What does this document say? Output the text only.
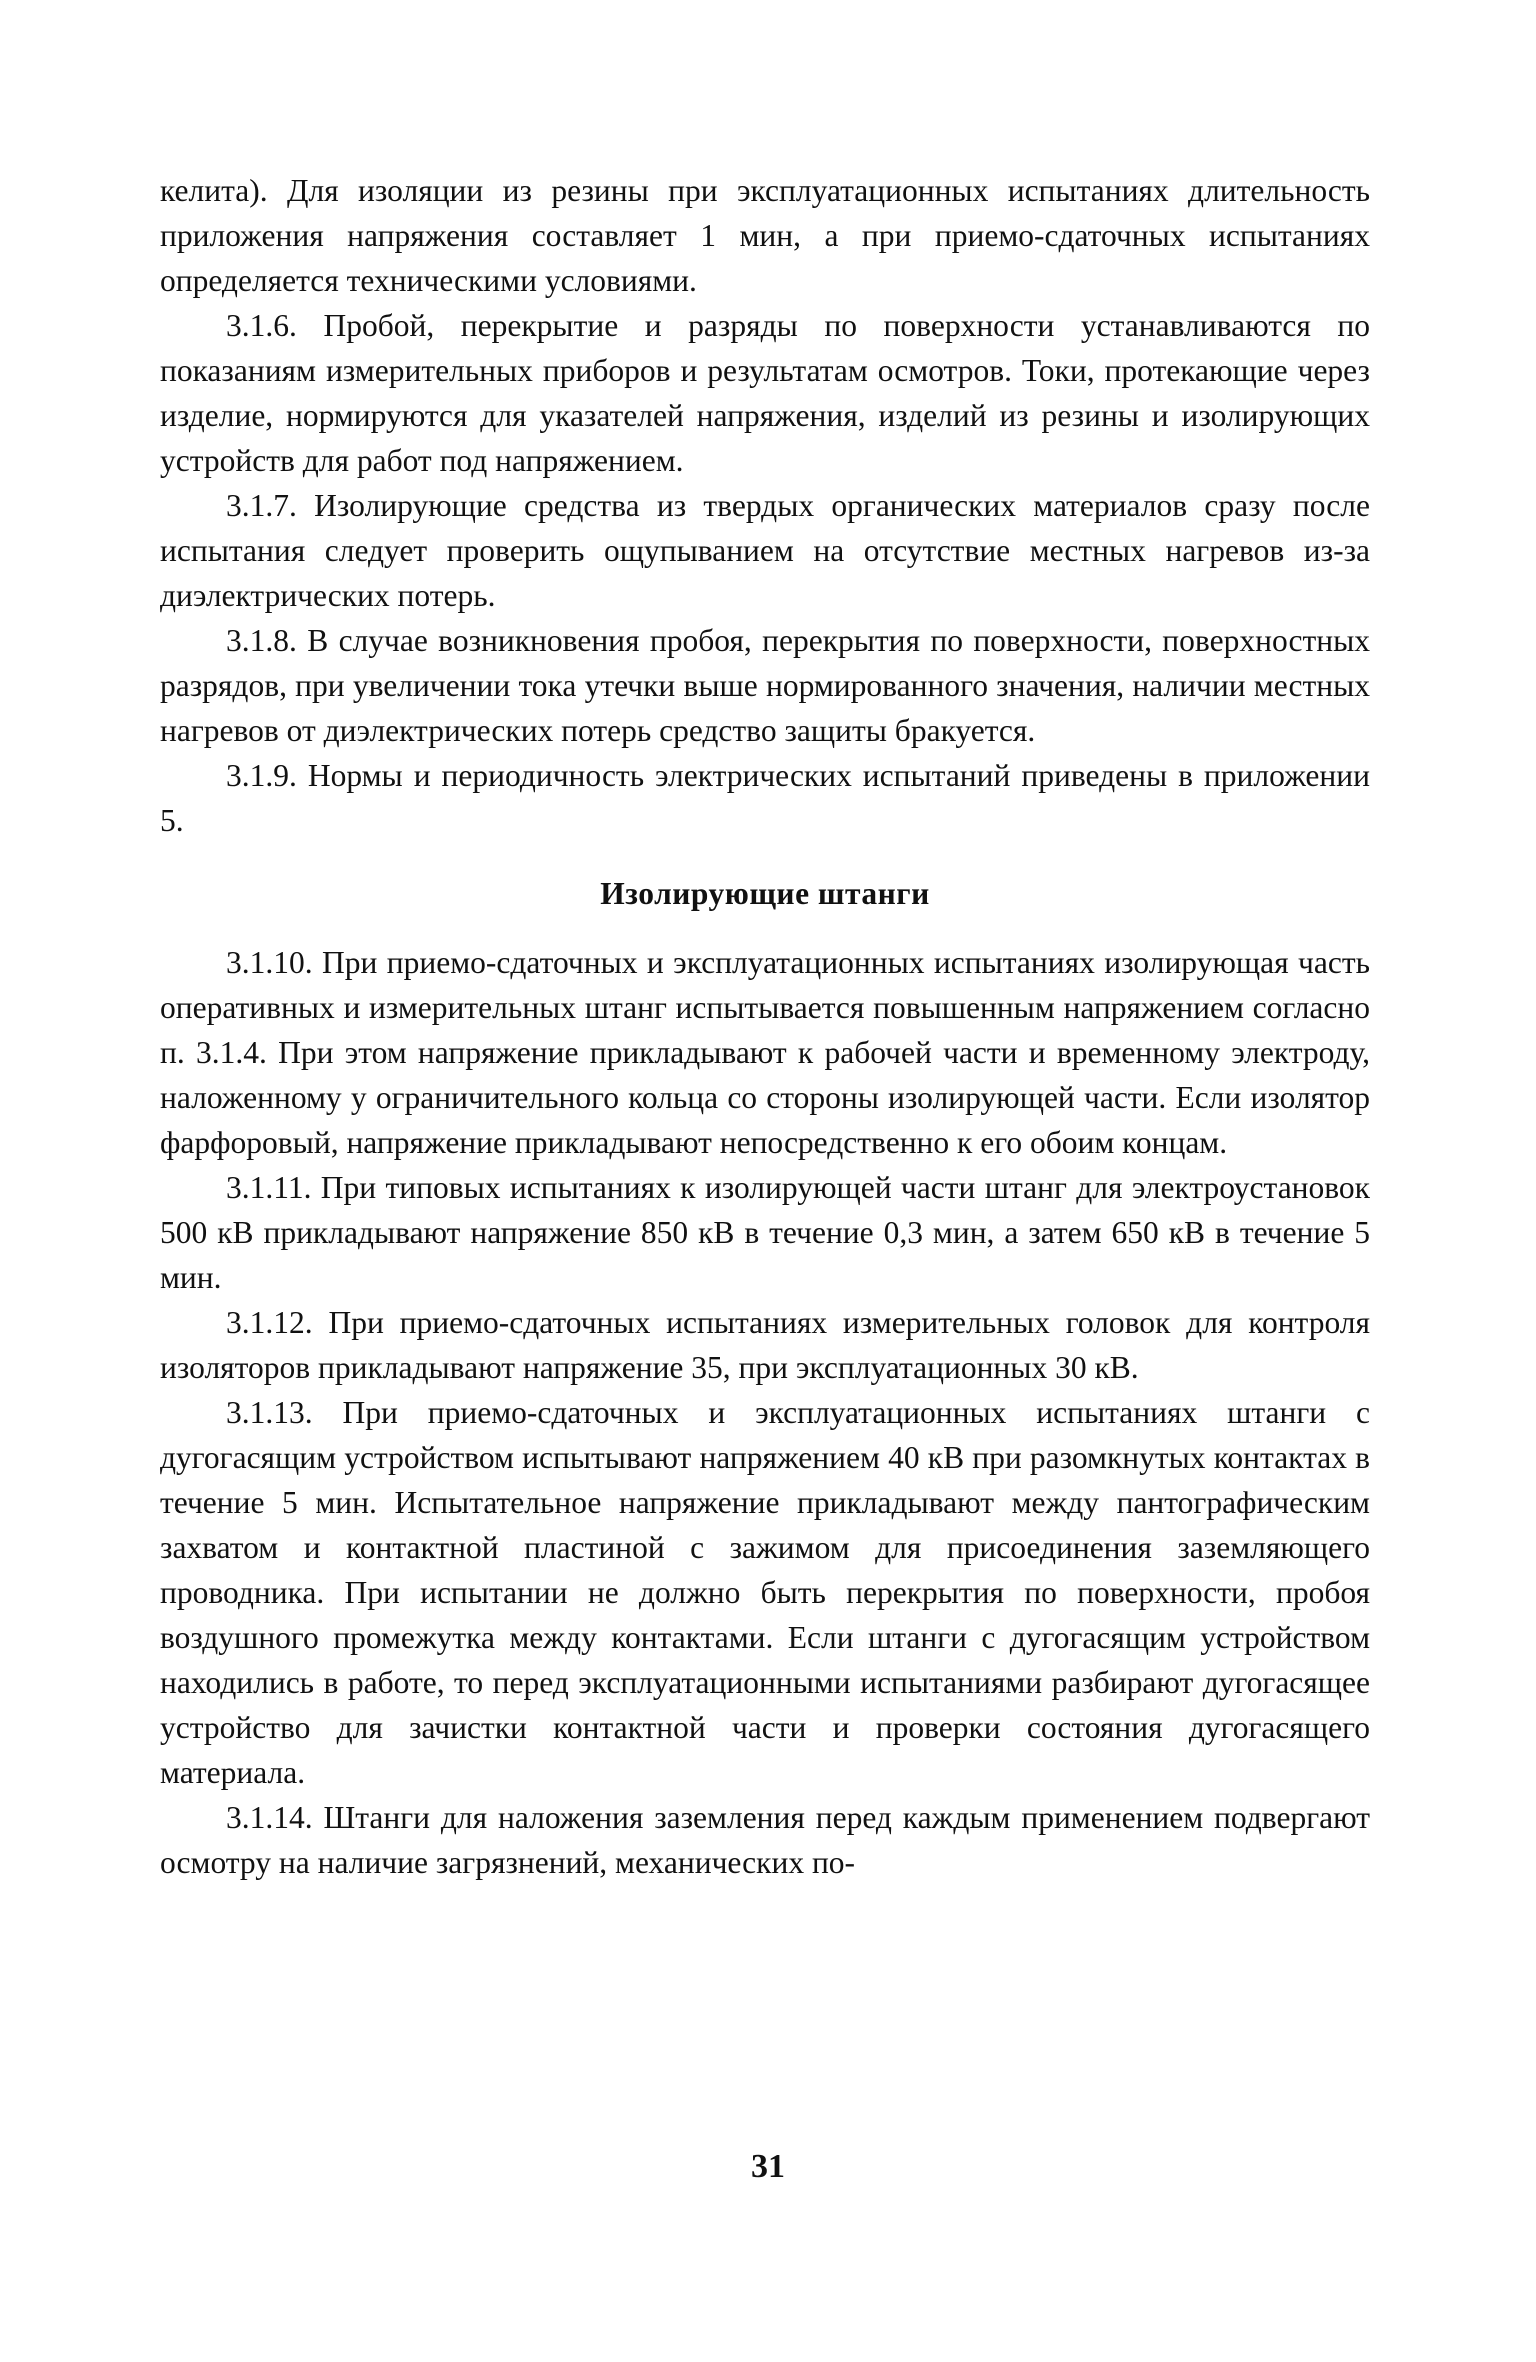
келита). Для изоляции из резины при эксплуатационных испытаниях длительность приложения напряжения составляет 1 мин, а при приемо-сдаточных испытаниях определяется техническими условиями.

3.1.6. Пробой, перекрытие и разряды по поверхности устанавливаются по показаниям измерительных приборов и результатам осмотров. Токи, протекающие через изделие, нормируются для указателей напряжения, изделий из резины и изолирующих устройств для работ под напряжением.

3.1.7. Изолирующие средства из твердых органических материалов сразу после испытания следует проверить ощупыванием на отсутствие местных нагревов из-за диэлектрических потерь.

3.1.8. В случае возникновения пробоя, перекрытия по поверхности, поверхностных разрядов, при увеличении тока утечки выше нормированного значения, наличии местных нагревов от диэлектрических потерь средство защиты бракуется.

3.1.9. Нормы и периодичность электрических испытаний приведены в приложении 5.

Изолирующие штанги

3.1.10. При приемо-сдаточных и эксплуатационных испытаниях изолирующая часть оперативных и измерительных штанг испытывается повышенным напряжением согласно п. 3.1.4. При этом напряжение прикладывают к рабочей части и временному электроду, наложенному у ограничительного кольца со стороны изолирующей части. Если изолятор фарфоровый, напряжение прикладывают непосредственно к его обоим концам.

3.1.11. При типовых испытаниях к изолирующей части штанг для электроустановок 500 кВ прикладывают напряжение 850 кВ в течение 0,3 мин, а затем 650 кВ в течение 5 мин.

3.1.12. При приемо-сдаточных испытаниях измерительных головок для контроля изоляторов прикладывают напряжение 35, при эксплуатационных 30 кВ.

3.1.13. При приемо-сдаточных и эксплуатационных испытаниях штанги с дугогасящим устройством испытывают напряжением 40 кВ при разомкнутых контактах в течение 5 мин. Испытательное напряжение прикладывают между пантографическим захватом и контактной пластиной с зажимом для присоединения заземляющего проводника. При испытании не должно быть перекрытия по поверхности, пробоя воздушного промежутка между контактами. Если штанги с дугогасящим устройством находились в работе, то перед эксплуатационными испытаниями разбирают дугогасящее устройство для зачистки контактной части и проверки состояния дугогасящего материала.

3.1.14. Штанги для наложения заземления перед каждым применением подвергают осмотру на наличие загрязнений, механических по-

31
